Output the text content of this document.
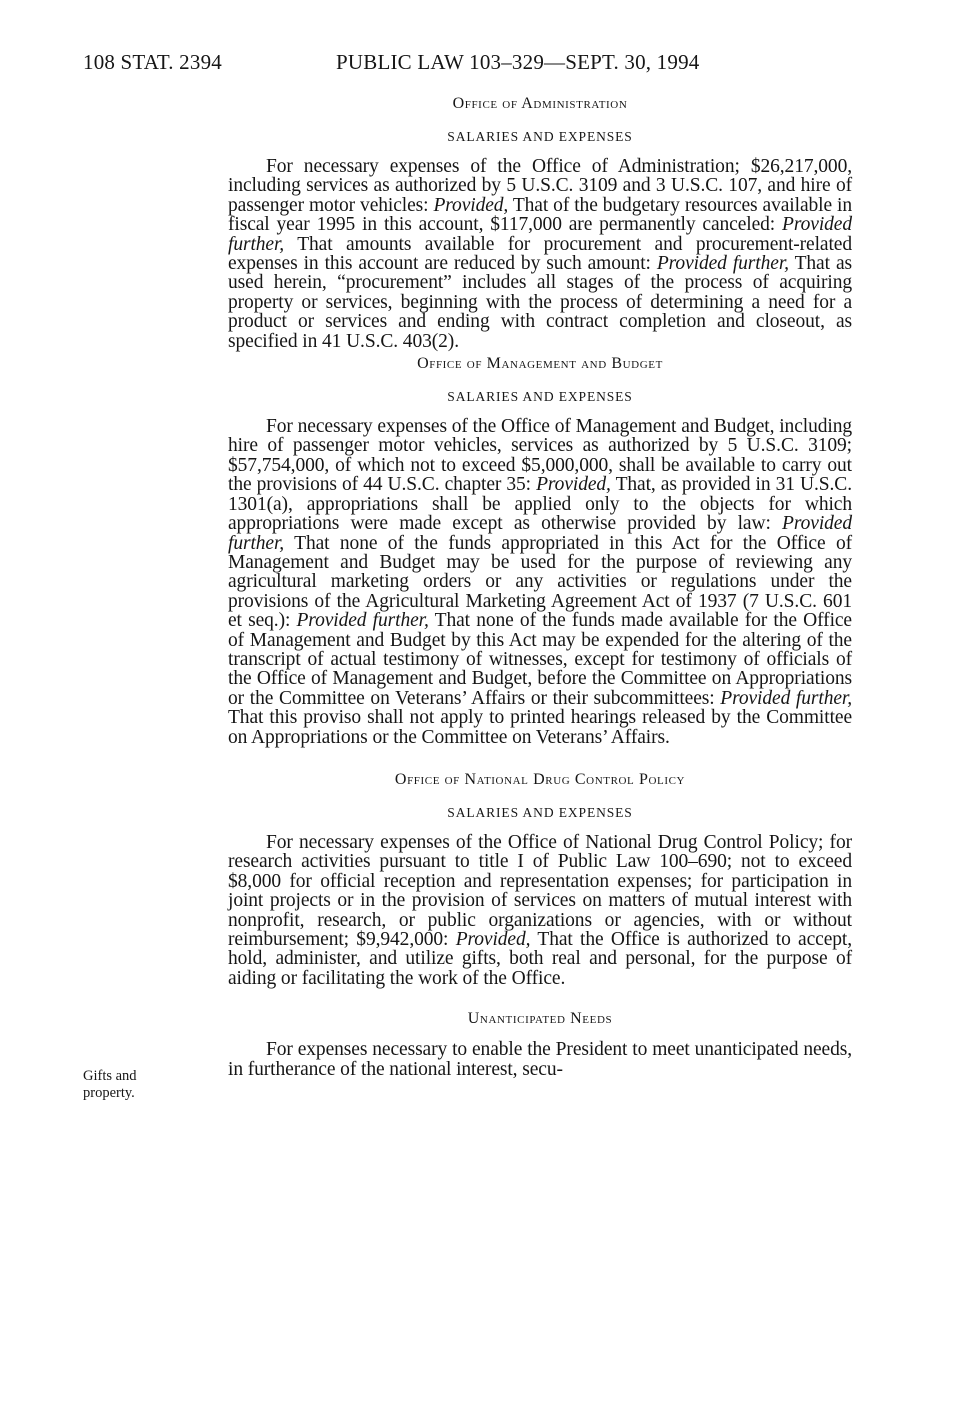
108 STAT. 2394	PUBLIC LAW 103–329—SEPT. 30, 1994
Gifts and
property.

Office of Administration

SALARIES AND EXPENSES

For necessary expenses of the Office of Administration; $26,217,000, including services as authorized by 5 U.S.C. 3109 and 3 U.S.C. 107, and hire of passenger motor vehicles: Provided, That of the budgetary resources available in fiscal year 1995 in this account, $117,000 are permanently canceled: Provided further, That amounts available for procurement and procurement-related expenses in this account are reduced by such amount: Provided further, That as used herein, “procurement” includes all stages of the process of acquiring property or services, beginning with the process of determining a need for a product or services and ending with contract completion and closeout, as specified in 41 U.S.C. 403(2).

Office of Management and Budget

SALARIES AND EXPENSES

For necessary expenses of the Office of Management and Budget, including hire of passenger motor vehicles, services as authorized by 5 U.S.C. 3109; $57,754,000, of which not to exceed $5,000,000, shall be available to carry out the provisions of 44 U.S.C. chapter 35: Provided, That, as provided in 31 U.S.C. 1301(a), appropriations shall be applied only to the objects for which appropriations were made except as otherwise provided by law: Provided further, That none of the funds appropriated in this Act for the Office of Management and Budget may be used for the purpose of reviewing any agricultural marketing orders or any activities or regulations under the provisions of the Agricultural Marketing Agreement Act of 1937 (7 U.S.C. 601 et seq.): Provided further, That none of the funds made available for the Office of Management and Budget by this Act may be expended for the altering of the transcript of actual testimony of witnesses, except for testimony of officials of the Office of Management and Budget, before the Committee on Appropriations or the Committee on Veterans’ Affairs or their subcommittees: Provided further, That this proviso shall not apply to printed hearings released by the Committee on Appropriations or the Committee on Veterans’ Affairs.

Office of National Drug Control Policy

SALARIES AND EXPENSES

For necessary expenses of the Office of National Drug Control Policy; for research activities pursuant to title I of Public Law 100–690; not to exceed $8,000 for official reception and representation expenses; for participation in joint projects or in the provision of services on matters of mutual interest with nonprofit, research, or public organizations or agencies, with or without reimbursement; $9,942,000: Provided, That the Office is authorized to accept, hold, administer, and utilize gifts, both real and personal, for the purpose of aiding or facilitating the work of the Office.

Unanticipated Needs

For expenses necessary to enable the President to meet unanticipated needs, in furtherance of the national interest, secu-
